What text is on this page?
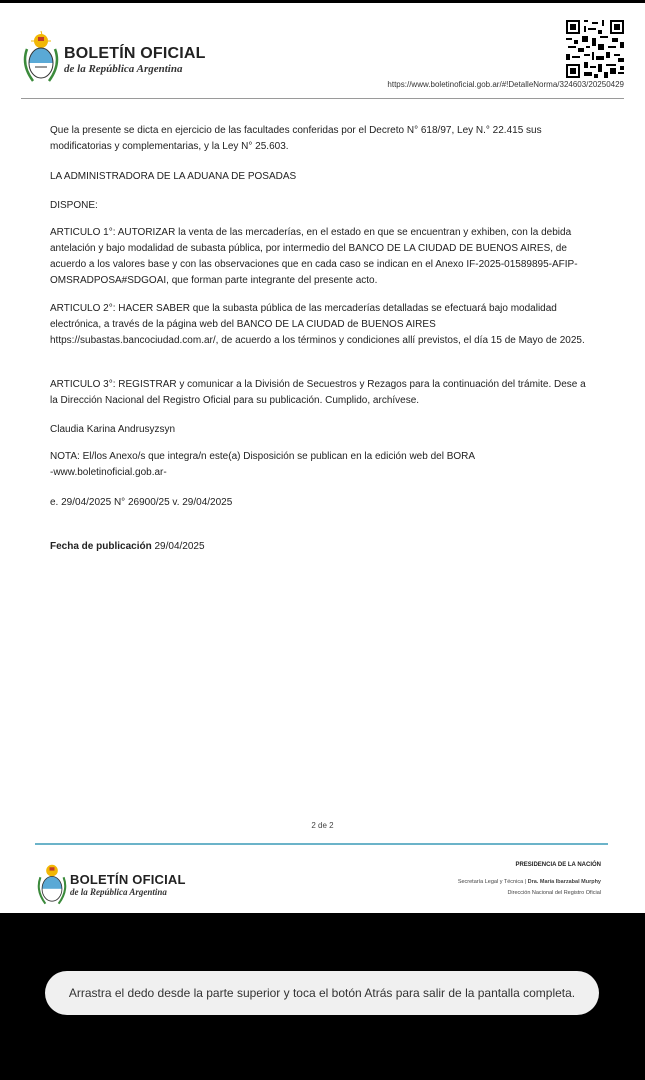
BOLETÍN OFICIAL
de la República Argentina
https://www.boletinoficial.gob.ar/#!DetalleNorma/324603/20250429

Que la presente se dicta en ejercicio de las facultades conferidas por el Decreto N° 618/97, Ley N.° 22.415 sus modificatorias y complementarias, y la Ley N° 25.603.

LA ADMINISTRADORA DE LA ADUANA DE POSADAS

DISPONE:

ARTICULO 1°: AUTORIZAR la venta de las mercaderías, en el estado en que se encuentran y exhiben, con la debida antelación y bajo modalidad de subasta pública, por intermedio del BANCO DE LA CIUDAD DE BUENOS AIRES, de acuerdo a los valores base y con las observaciones que en cada caso se indican en el Anexo IF-2025-01589895-AFIP-OMSRADPOSA#SDGOAI, que forman parte integrante del presente acto.

ARTICULO 2°: HACER SABER que la subasta pública de las mercaderías detalladas se efectuará bajo modalidad electrónica, a través de la página web del BANCO DE LA CIUDAD de BUENOS AIRES https://subastas.bancociudad.com.ar/, de acuerdo a los términos y condiciones allí previstos, el día 15 de Mayo de 2025.

ARTICULO 3°: REGISTRAR y comunicar a la División de Secuestros y Rezagos para la continuación del trámite. Dese a la Dirección Nacional del Registro Oficial para su publicación. Cumplido, archívese.

Claudia Karina Andrusyzsyn

NOTA: El/los Anexo/s que integra/n este(a) Disposición se publican en la edición web del BORA
-www.boletinoficial.gob.ar-

e. 29/04/2025 N° 26900/25 v. 29/04/2025

Fecha de publicación 29/04/2025

2 de 2
BOLETÍN OFICIAL
de la República Argentina
PRESIDENCIA DE LA NACIÓN
Secretaría Legal y Técnica | Dra. María Ibarzabal Murphy
Dirección Nacional del Registro Oficial
Arrastra el dedo desde la parte superior y toca el botón Atrás para salir de la pantalla completa.
